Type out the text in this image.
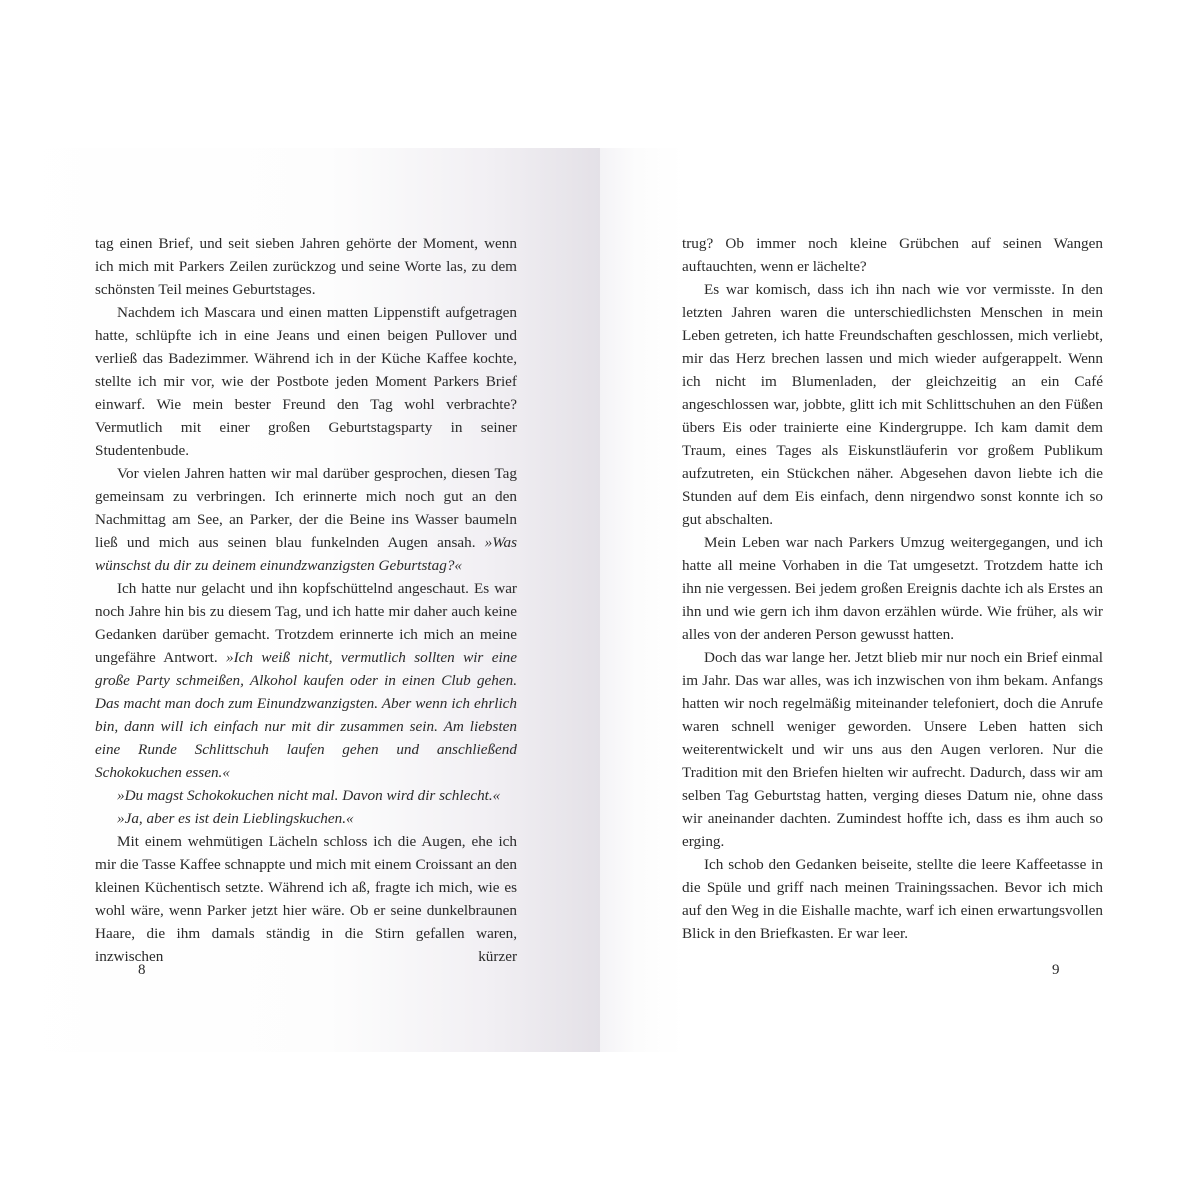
tag einen Brief, und seit sieben Jahren gehörte der Moment, wenn ich mich mit Parkers Zeilen zurückzog und seine Worte las, zu dem schönsten Teil meines Geburtstages.

Nachdem ich Mascara und einen matten Lippenstift aufgetragen hatte, schlüpfte ich in eine Jeans und einen beigen Pullover und verließ das Badezimmer. Während ich in der Küche Kaffee kochte, stellte ich mir vor, wie der Postbote jeden Moment Parkers Brief einwarf. Wie mein bester Freund den Tag wohl verbrachte? Vermutlich mit einer großen Geburtstagsparty in seiner Studentenbude.

Vor vielen Jahren hatten wir mal darüber gesprochen, diesen Tag gemeinsam zu verbringen. Ich erinnerte mich noch gut an den Nachmittag am See, an Parker, der die Beine ins Wasser baumeln ließ und mich aus seinen blau funkelnden Augen ansah. »Was wünschst du dir zu deinem einundzwanzigsten Geburtstag?«

Ich hatte nur gelacht und ihn kopfschüttelnd angeschaut. Es war noch Jahre hin bis zu diesem Tag, und ich hatte mir daher auch keine Gedanken darüber gemacht. Trotzdem erinnerte ich mich an meine ungefähre Antwort. »Ich weiß nicht, vermutlich sollten wir eine große Party schmeißen, Alkohol kaufen oder in einen Club gehen. Das macht man doch zum Einundzwanzigsten. Aber wenn ich ehrlich bin, dann will ich einfach nur mit dir zusammen sein. Am liebsten eine Runde Schlittschuh laufen gehen und anschließend Schokokuchen essen.«

»Du magst Schokokuchen nicht mal. Davon wird dir schlecht.«

»Ja, aber es ist dein Lieblingskuchen.«

Mit einem wehmütigen Lächeln schloss ich die Augen, ehe ich mir die Tasse Kaffee schnappte und mich mit einem Croissant an den kleinen Küchentisch setzte. Während ich aß, fragte ich mich, wie es wohl wäre, wenn Parker jetzt hier wäre. Ob er seine dunkelbraunen Haare, die ihm damals ständig in die Stirn gefallen waren, inzwischen kürzer

8

trug? Ob immer noch kleine Grübchen auf seinen Wangen auftauchten, wenn er lächelte?

Es war komisch, dass ich ihn nach wie vor vermisste. In den letzten Jahren waren die unterschiedlichsten Menschen in mein Leben getreten, ich hatte Freundschaften geschlossen, mich verliebt, mir das Herz brechen lassen und mich wieder aufgerappelt. Wenn ich nicht im Blumenladen, der gleichzeitig an ein Café angeschlossen war, jobbte, glitt ich mit Schlittschuhen an den Füßen übers Eis oder trainierte eine Kindergruppe. Ich kam damit dem Traum, eines Tages als Eiskunstläuferin vor großem Publikum aufzutreten, ein Stückchen näher. Abgesehen davon liebte ich die Stunden auf dem Eis einfach, denn nirgendwo sonst konnte ich so gut abschalten.

Mein Leben war nach Parkers Umzug weitergegangen, und ich hatte all meine Vorhaben in die Tat umgesetzt. Trotzdem hatte ich ihn nie vergessen. Bei jedem großen Ereignis dachte ich als Erstes an ihn und wie gern ich ihm davon erzählen würde. Wie früher, als wir alles von der anderen Person gewusst hatten.

Doch das war lange her. Jetzt blieb mir nur noch ein Brief einmal im Jahr. Das war alles, was ich inzwischen von ihm bekam. Anfangs hatten wir noch regelmäßig miteinander telefoniert, doch die Anrufe waren schnell weniger geworden. Unsere Leben hatten sich weiterentwickelt und wir uns aus den Augen verloren. Nur die Tradition mit den Briefen hielten wir aufrecht. Dadurch, dass wir am selben Tag Geburtstag hatten, verging dieses Datum nie, ohne dass wir aneinander dachten. Zumindest hoffte ich, dass es ihm auch so erging.

Ich schob den Gedanken beiseite, stellte die leere Kaffeetasse in die Spüle und griff nach meinen Trainingssachen. Bevor ich mich auf den Weg in die Eishalle machte, warf ich einen erwartungsvollen Blick in den Briefkasten. Er war leer.

9
